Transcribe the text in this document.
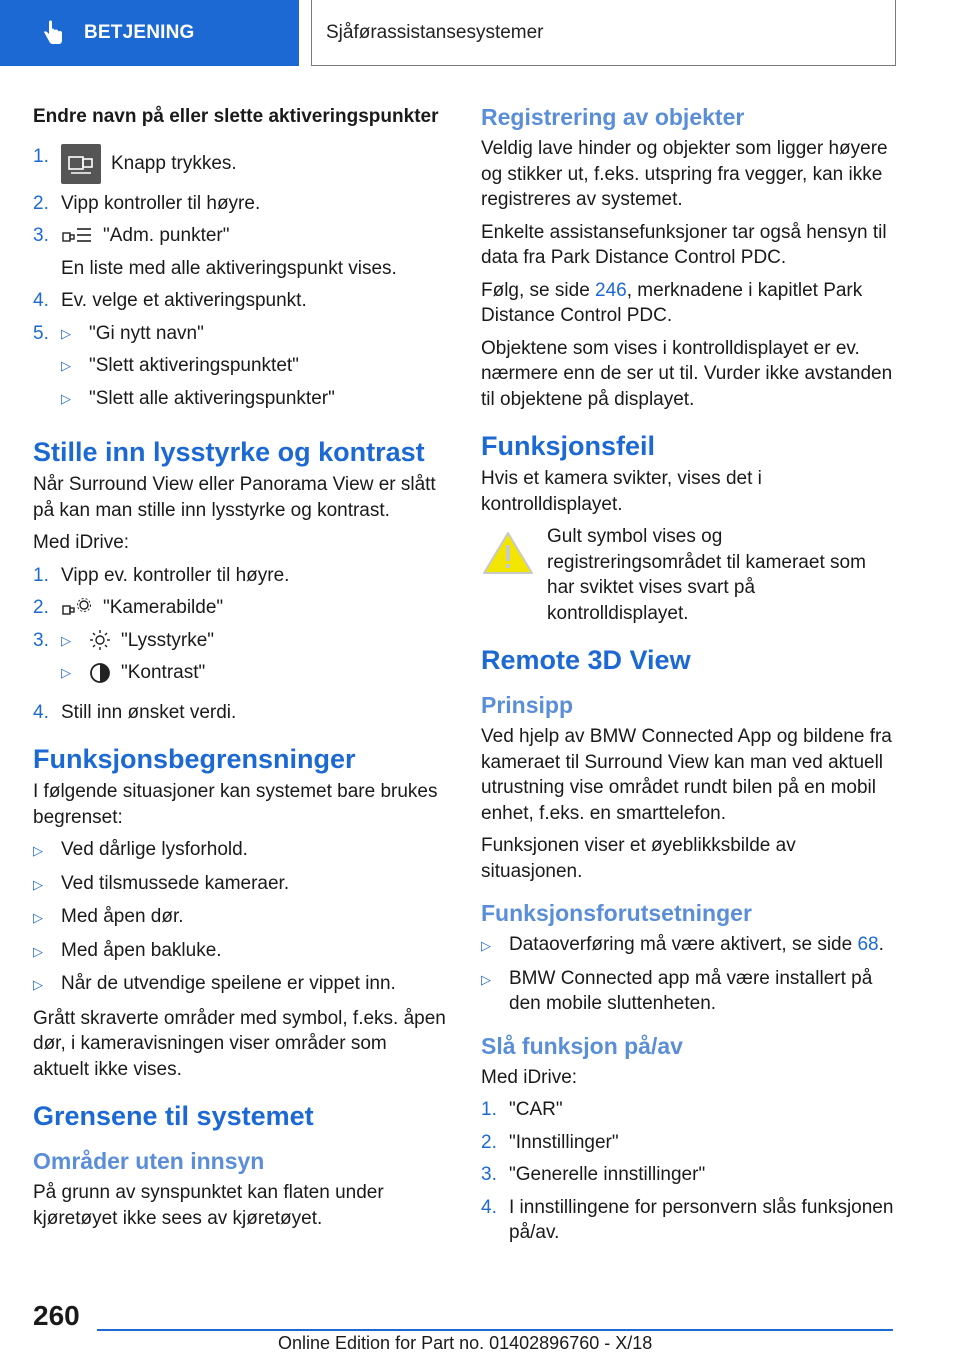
BETJENING	Sjåførassistansesystemer
Endre navn på eller slette aktiveringspunkter
1.	Knapp trykkes.
2. Vipp kontroller til høyre.
3.	"Adm. punkter"
En liste med alle aktiveringspunkt vises.
4. Ev. velge et aktiveringspunkt.
5. ▷ "Gi nytt navn"
▷ "Slett aktiveringspunktet"
▷ "Slett alle aktiveringspunkter"
Stille inn lysstyrke og kontrast

Når Surround View eller Panorama View er slått på kan man stille inn lysstyrke og kontrast.

Med iDrive:

1. Vipp ev. kontroller til høyre.
2.	"Kamerabilde"
3. ▷	"Lysstyrke"
▷	"Kontrast"
4. Still inn ønsket verdi.
Funksjonsbegrensninger

I følgende situasjoner kan systemet bare brukes begrenset:

▷ Ved dårlige lysforhold.
▷ Ved tilsmussede kameraer.
▷ Med åpen dør.
▷ Med åpen bakluke.
▷ Når de utvendige speilene er vippet inn.

Grått skraverte områder med symbol, f.eks. åpen dør, i kameravisningen viser områder som aktuelt ikke vises.

Grensene til systemet
Områder uten innsyn

På grunn av synspunktet kan flaten under kjøretøyet ikke sees av kjøretøyet.

Registrering av objekter

Veldig lave hinder og objekter som ligger høyere og stikker ut, f.eks. utspring fra vegger, kan ikke registreres av systemet.

Enkelte assistansefunksjoner tar også hensyn til data fra Park Distance Control PDC.

Følg, se side 246, merknadene i kapitlet Park Distance Control PDC.

Objektene som vises i kontrolldisplayet er ev. nærmere enn de ser ut til. Vurder ikke avstanden til objektene på displayet.

Funksjonsfeil

Hvis et kamera svikter, vises det i kontrolldisplayet.

Gult symbol vises og registreringsområdet til kameraet som har sviktet vises svart på kontrolldisplayet.
Remote 3D View
Prinsipp

Ved hjelp av BMW Connected App og bildene fra kameraet til Surround View kan man ved aktuell utrustning vise området rundt bilen på en mobil enhet, f.eks. en smarttelefon.

Funksjonen viser et øyeblikksbilde av situasjonen.

Funksjonsforutsetninger
▷ Dataoverføring må være aktivert, se side 68.
▷ BMW Connected app må være installert på den mobile sluttenheten.
Slå funksjon på/av

Med iDrive:

1. "CAR"
2. "Innstillinger"
3. "Generelle innstillinger"
4. I innstillingene for personvern slås funksjonen på/av.
260
Online Edition for Part no. 01402896760 - X/18
